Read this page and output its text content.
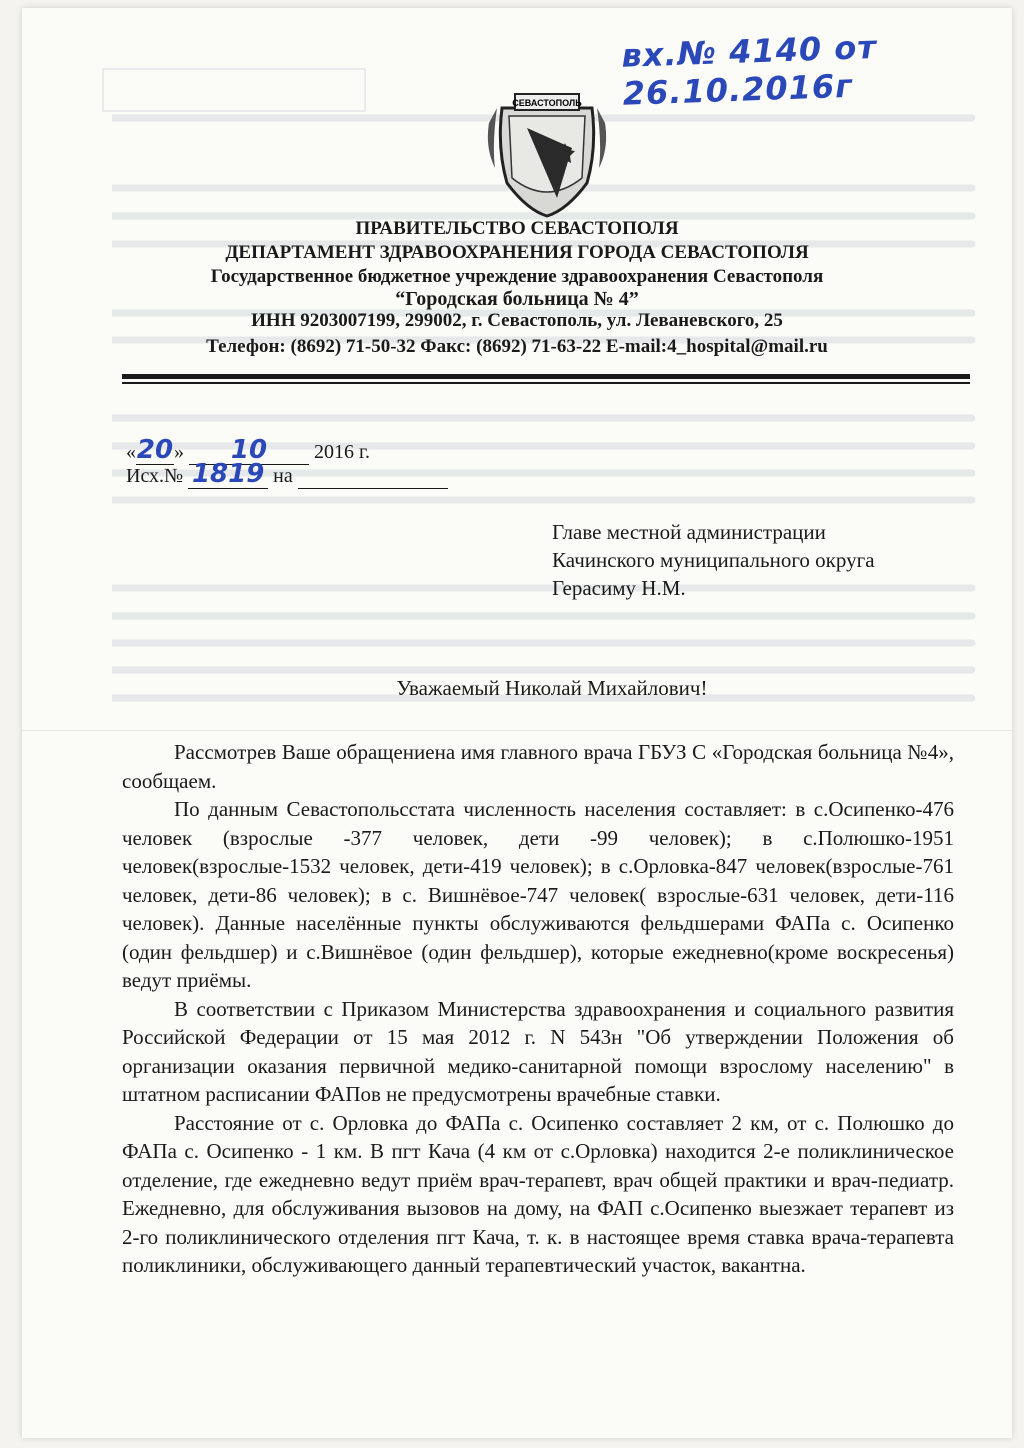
вх.№ 4140 от 26.10.2016г
СЕВАСТОПОЛЬ
ПРАВИТЕЛЬСТВО СЕВАСТОПОЛЯ
ДЕПАРТАМЕНТ ЗДРАВООХРАНЕНИЯ ГОРОДА СЕВАСТОПОЛЯ
Государственное бюджетное учреждение здравоохранения Севастополя
“Городская больница № 4”
ИНН 9203007199, 299002, г. Севастополь, ул. Леваневского, 25
Телефон: (8692) 71-50-32 Факс: (8692) 71-63-22 E-mail:4_hospital@mail.ru
«20» 10 2016 г.
Исх.№ 1819 на
Главе местной администрации
Качинского муниципального округа
Герасиму Н.М.
Уважаемый Николай Михайлович!

Рассмотрев Ваше обращениена имя главного врача ГБУЗ С «Городская больница №4», сообщаем.

По данным Севастопольсстата численность населения составляет: в с.Осипенко-476 человек (взрослые -377 человек, дети -99 человек); в с.Полюшко-1951 человек(взрослые-1532 человек, дети-419 человек); в с.Орловка-847 человек(взрослые-761 человек, дети-86 человек); в с. Вишнёвое-747 человек( взрослые-631 человек, дети-116 человек). Данные населённые пункты обслуживаются фельдшерами ФАПа с. Осипенко (один фельдшер) и с.Вишнёвое (один фельдшер), которые ежедневно(кроме воскресенья) ведут приёмы.

В соответствии с Приказом Министерства здравоохранения и социального развития Российской Федерации от 15 мая 2012 г. N 543н "Об утверждении Положения об организации оказания первичной медико-санитарной помощи взрослому населению" в штатном расписании ФАПов не предусмотрены врачебные ставки.

Расстояние от с. Орловка до ФАПа с. Осипенко составляет 2 км, от с. Полюшко до ФАПа с. Осипенко - 1 км. В пгт Кача (4 км от с.Орловка) находится 2-е поликлиническое отделение, где ежедневно ведут приём врач-терапевт, врач общей практики и врач-педиатр. Ежедневно, для обслуживания вызовов на дому, на ФАП с.Осипенко выезжает терапевт из 2-го поликлинического отделения пгт Кача, т. к. в настоящее время ставка врача-терапевта поликлиники, обслуживающего данный терапевтический участок, вакантна.
